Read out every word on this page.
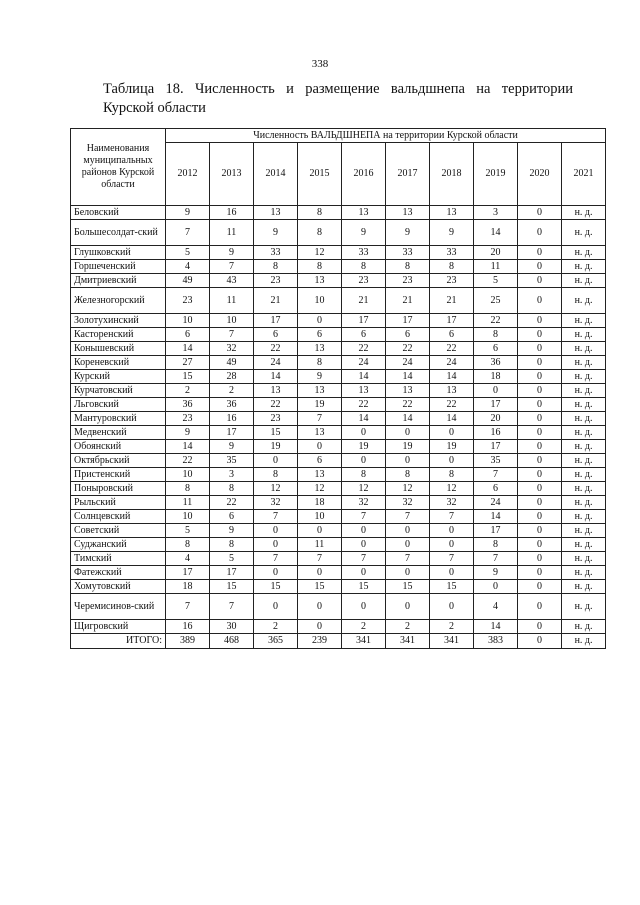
338
Таблица 18. Численность и размещение вальдшнепа на территории Курской области
Наименования муниципальных районов Курской области	Численность ВАЛЬДШНЕПА на территории Курской области									
	2012	2013	2014	2015	2016	2017	2018	2019	2020	2021
Беловский	9	16	13	8	13	13	13	3	0	н. д.
Большесолдат-ский	7	11	9	8	9	9	9	14	0	н. д.
Глушковский	5	9	33	12	33	33	33	20	0	н. д.
Горшеченский	4	7	8	8	8	8	8	11	0	н. д.
Дмитриевский	49	43	23	13	23	23	23	5	0	н. д.
Железногорский	23	11	21	10	21	21	21	25	0	н. д.
Золотухинский	10	10	17	0	17	17	17	22	0	н. д.
Касторенский	6	7	6	6	6	6	6	8	0	н. д.
Конышевский	14	32	22	13	22	22	22	6	0	н. д.
Кореневский	27	49	24	8	24	24	24	36	0	н. д.
Курский	15	28	14	9	14	14	14	18	0	н. д.
Курчатовский	2	2	13	13	13	13	13	0	0	н. д.
Льговский	36	36	22	19	22	22	22	17	0	н. д.
Мантуровский	23	16	23	7	14	14	14	20	0	н. д.
Медвенский	9	17	15	13	0	0	0	16	0	н. д.
Обоянский	14	9	19	0	19	19	19	17	0	н. д.
Октябрьский	22	35	0	6	0	0	0	35	0	н. д.
Пристенский	10	3	8	13	8	8	8	7	0	н. д.
Поныровский	8	8	12	12	12	12	12	6	0	н. д.
Рыльский	11	22	32	18	32	32	32	24	0	н. д.
Солнцевский	10	6	7	10	7	7	7	14	0	н. д.
Советский	5	9	0	0	0	0	0	17	0	н. д.
Суджанский	8	8	0	11	0	0	0	8	0	н. д.
Тимский	4	5	7	7	7	7	7	7	0	н. д.
Фатежский	17	17	0	0	0	0	0	9	0	н. д.
Хомутовский	18	15	15	15	15	15	15	0	0	н. д.
Черемисинов-ский	7	7	0	0	0	0	0	4	0	н. д.
Щигровский	16	30	2	0	2	2	2	14	0	н. д.
ИТОГО:	389	468	365	239	341	341	341	383	0	н. д.
